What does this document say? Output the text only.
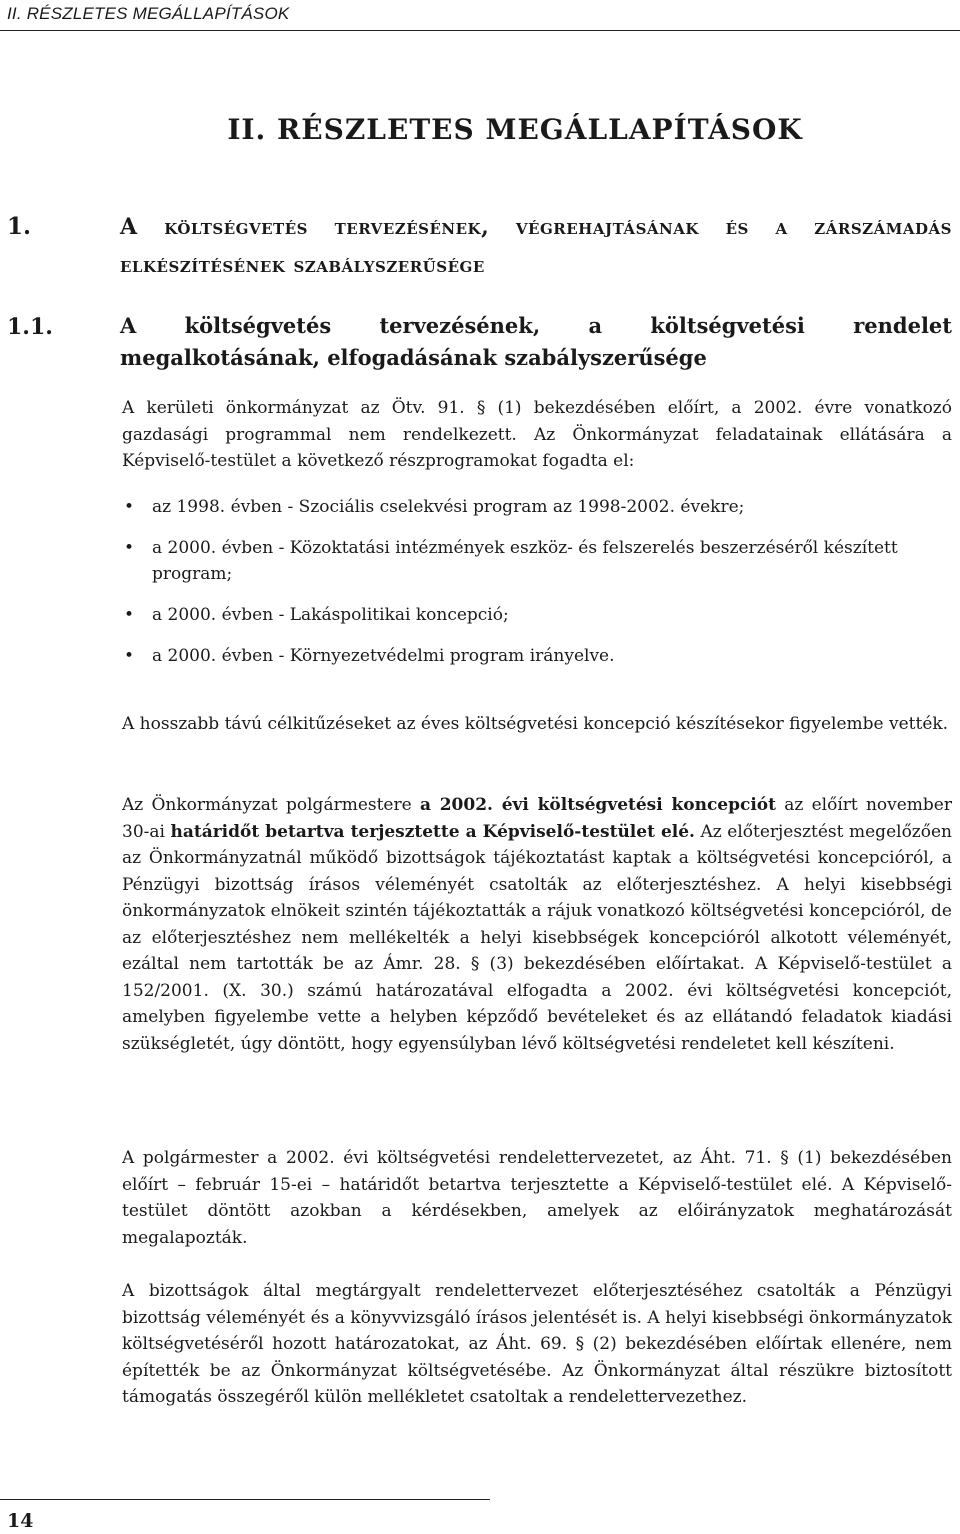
II. RÉSZLETES MEGÁLLAPÍTÁSOK
II. RÉSZLETES MEGÁLLAPÍTÁSOK
1.	A költségvetés tervezésének, végrehajtásának és a zárszámadás elkészítésének szabályszerűsége
1.1.	A költségvetés tervezésének, a költségvetési rendelet megalkotásának, elfogadásának szabályszerűsége

A kerületi önkormányzat az Ötv. 91. § (1) bekezdésében előírt, a 2002. évre vonatkozó gazdasági programmal nem rendelkezett. Az Önkormányzat feladatainak ellátására a Képviselő-testület a következő részprogramokat fogadta el:

• az 1998. évben - Szociális cselekvési program az 1998-2002. évekre;
• a 2000. évben - Közoktatási intézmények eszköz- és felszerelés beszerzéséről készített program;
• a 2000. évben - Lakáspolitikai koncepció;
• a 2000. évben - Környezetvédelmi program irányelve.

A hosszabb távú célkitűzéseket az éves költségvetési koncepció készítésekor figyelembe vették.

Az Önkormányzat polgármestere a 2002. évi költségvetési koncepciót az előírt november 30-ai határidőt betartva terjesztette a Képviselő-testület elé. Az előterjesztést megelőzően az Önkormányzatnál működő bizottságok tájékoztatást kaptak a költségvetési koncepcióról, a Pénzügyi bizottság írásos véleményét csatolták az előterjesztéshez. A helyi kisebbségi önkormányzatok elnökeit szintén tájékoztatták a rájuk vonatkozó költségvetési koncepcióról, de az előterjesztéshez nem mellékelték a helyi kisebbségek koncepcióról alkotott véleményét, ezáltal nem tartották be az Ámr. 28. § (3) bekezdésében előírtakat. A Képviselő-testület a 152/2001. (X. 30.) számú határozatával elfogadta a 2002. évi költségvetési koncepciót, amelyben figyelembe vette a helyben képződő bevételeket és az ellátandó feladatok kiadási szükségletét, úgy döntött, hogy egyensúlyban lévő költségvetési rendeletet kell készíteni.

A polgármester a 2002. évi költségvetési rendelettervezetet, az Áht. 71. § (1) bekezdésében előírt – február 15-ei – határidőt betartva terjesztette a Képviselő-testület elé. A Képviselő-testület döntött azokban a kérdésekben, amelyek az előirányzatok meghatározását megalapozták.

A bizottságok által megtárgyalt rendelettervezet előterjesztéséhez csatolták a Pénzügyi bizottság véleményét és a könyvvizsgáló írásos jelentését is. A helyi kisebbségi önkormányzatok költségvetéséről hozott határozatokat, az Áht. 69. § (2) bekezdésében előírtak ellenére, nem építették be az Önkormányzat költségvetésébe. Az Önkormányzat által részükre biztosított támogatás összegéről külön mellékletet csatoltak a rendelettervezethez.

14
